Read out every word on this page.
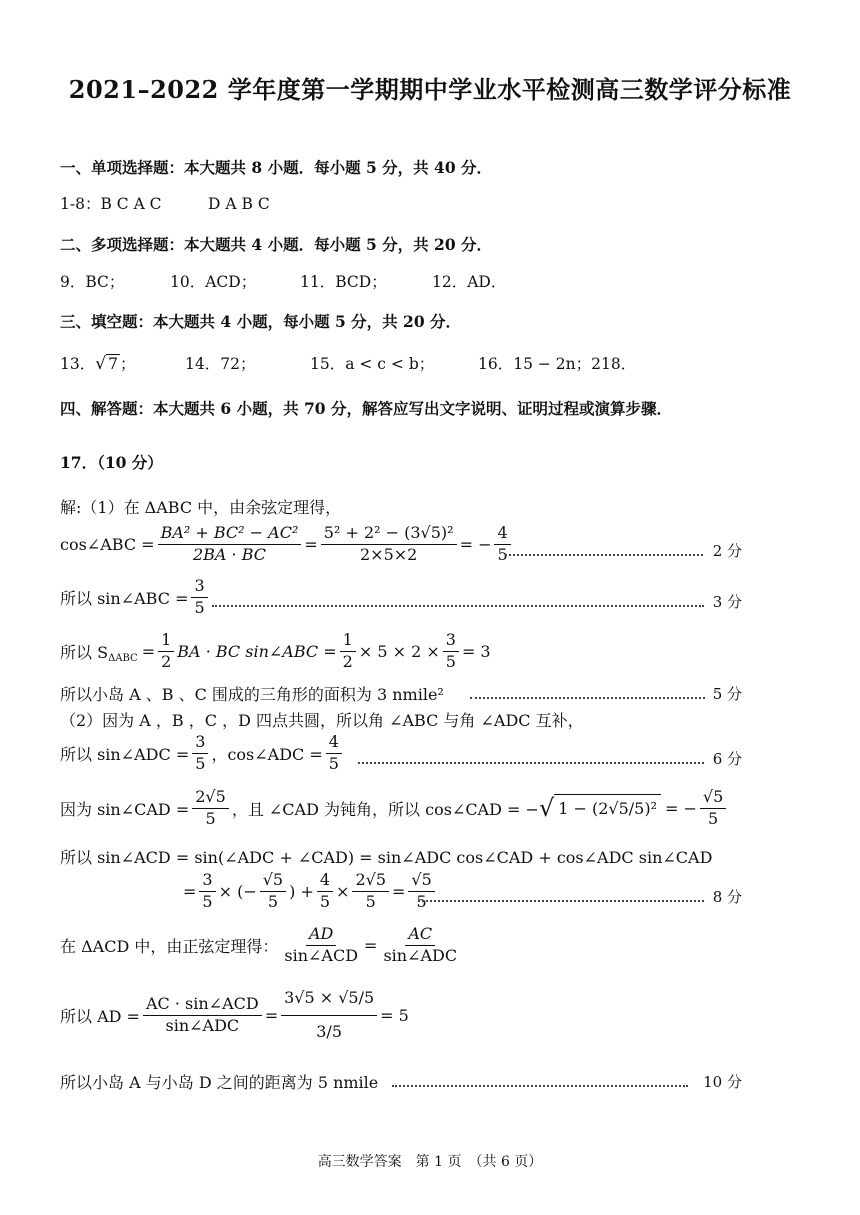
2021–2022 学年度第一学期期中学业水平检测高三数学评分标准
一、单项选择题：本大题共 8 小题．每小题 5 分，共 40 分．
1-8：B C A C　　　D A B C
二、多项选择题：本大题共 4 小题．每小题 5 分，共 20 分．
9．BC；	10．ACD；	11．BCD；	12．AD．
三、填空题：本大题共 4 小题，每小题 5 分，共 20 分．
13．√ 7 ；	14．72；	15．a < c < b；	16．15 − 2n；218．
四、解答题：本大题共 6 小题，共 70 分，解答应写出文字说明、证明过程或演算步骤．
17．（10 分）
解:（1）在 ΔABC 中，由余弦定理得，
cos∠ABC = $\frac{\text{BA² + BC² − AC²}}{2BA \cdot BC} = \frac{\text{5² + 2² − (3√5)²}}{2\times 5\times 2}$ = − $\frac{4}{5}$	2 分
所以 sin∠ABC = $\frac{3}{5}$	3 分
所以 $S_{\Delta ABC} = \frac{1}{2}$ BA · BC sin∠ABC = $\frac{1}{2} \times 5 \times 2 \times \frac{3}{5} = 3$
所以小岛 A 、B 、C 围成的三角形的面积为 3 nmile²	5 分
（2）因为 A ，B ，C ，D 四点共圆，所以角 ∠ABC 与角 ∠ADC 互补，
所以 sin∠ADC = $\frac{3}{5}$ ，cos∠ADC = $\frac{4}{5}$	6 分
因为 sin∠CAD = $\frac{2√5}{5}$ ，且 ∠CAD 为钝角，所以 cos∠CAD = − √ 1 − (2√5/5)² = − $\frac{√5}{5}$
所以 sin∠ACD = sin(∠ADC + ∠CAD) = sin∠ADC cos∠CAD + cos∠ADC sin∠CAD
= $\frac{3}{5}$ × (− $\frac{√5}{5}$ ) + $\frac{4}{5} \times \frac{2√5}{5} = \frac{√5}{5}$	8 分
在 ΔACD 中，由正弦定理得： $\frac{AD}{\text{sin∠ACD}} = \frac{AC}{\text{sin∠ADC}}$
所以 AD = $\frac{\text{AC · sin∠ACD}}{\text{sin∠ADC}} = \frac{3√5 \times √5/5}{3/5} = 5$
所以小岛 A 与小岛 D 之间的距离为 5 nmile	10 分
高三数学答案　第 1 页　（共 6 页）
